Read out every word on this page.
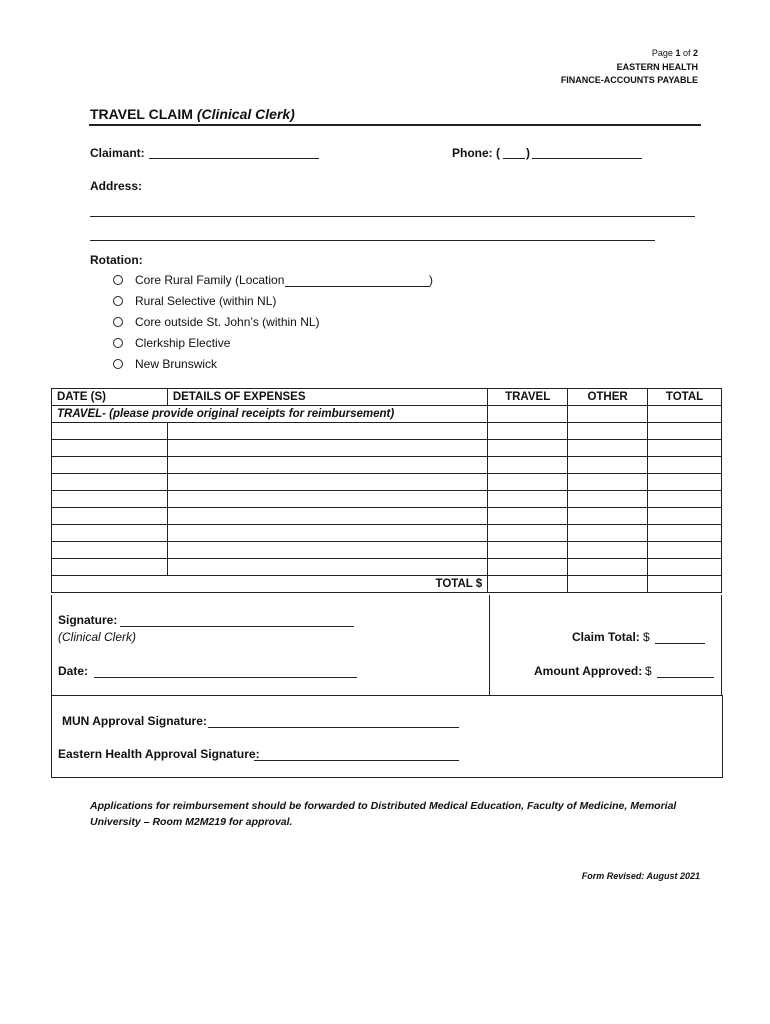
Page 1 of 2
EASTERN HEALTH
FINANCE-ACCOUNTS PAYABLE
TRAVEL CLAIM (Clinical Clerk)
Claimant:	Phone: ( )
Address:
Rotation:
Core Rural Family (Location	)
Rural Selective (within NL)
Core outside St. John’s (within NL)
Clerkship Elective
New Brunswick
DATE (S)	DETAILS OF EXPENSES	TRAVEL	OTHER	TOTAL
TRAVEL- (please provide original receipts for reimbursement)				

TOTAL $				
Signature:
(Clinical Clerk)
Date:
Claim Total: $
Amount Approved: $
MUN Approval Signature:
Eastern Health Approval Signature:
Applications for reimbursement should be forwarded to Distributed Medical Education, Faculty of Medicine, Memorial University – Room M2M219 for approval.
Form Revised: August 2021
